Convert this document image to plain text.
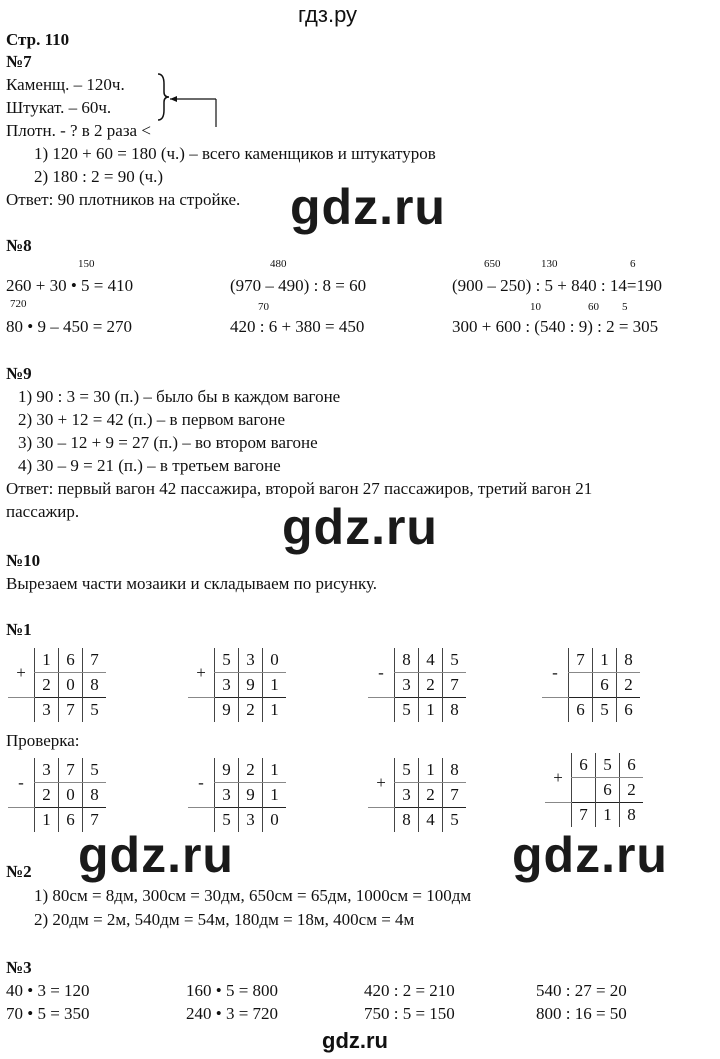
гдз.ру
Стр. 110
№7
Каменщ. – 120ч.
Штукат. – 60ч.
Плотн. - ? в 2 раза <
1) 120 + 60 = 180 (ч.) – всего каменщиков и штукатуров
2) 180 : 2 = 90 (ч.)
Ответ: 90 плотников на стройке. gdz.ru
№8
150	480	650	130	6
260 + 30 • 5 = 410	(970 – 490) : 8 = 60	(900 – 250) : 5 + 840 : 14=190
720	70	10	60 5
80 • 9 – 450 = 270	420 : 6 + 380 = 450	300 + 600 : (540 : 9) : 2 = 305
№9
1) 90 : 3 = 30 (п.) – было бы в каждом вагоне
2) 30 + 12 = 42 (п.) – в первом вагоне
3) 30 – 12 + 9 = 27 (п.) – во втором вагоне
4) 30 – 9 = 21 (п.) – в третьем вагоне
Ответ: первый вагон 42 пассажира, второй вагон 27 пассажиров, третий вагон 21
пассажир.	gdz.ru
№10
Вырезаем части мозаики и складываем по рисунку.
№1
Проверка:
+	1	6	7
	2	0	8
	3	7	5
+	5	3	0
	3	9	1
	9	2	1
-	8	4	5
	3	2	7
	5	1	8
-	7	1	8
		6	2
	6	5	6
-	3	7	5
	2	0	8
	1	6	7
-	9	2	1
	3	9	1
	5	3	0
+	5	1	8
	3	2	7
	8	4	5
+	6	5	6
		6	2
	7	1	8
gdz.ru	gdz.ru
№2
1) 80см = 8дм, 300см = 30дм, 650см = 65дм, 1000см = 100дм
2) 20дм = 2м, 540дм = 54м, 180дм = 18м, 400см = 4м
№3
40 • 3 = 120	160 • 5 = 800	420 : 2 = 210	540 : 27 = 20
70 • 5 = 350	240 • 3 = 720	750 : 5 = 150	800 : 16 = 50
gdz.ru
